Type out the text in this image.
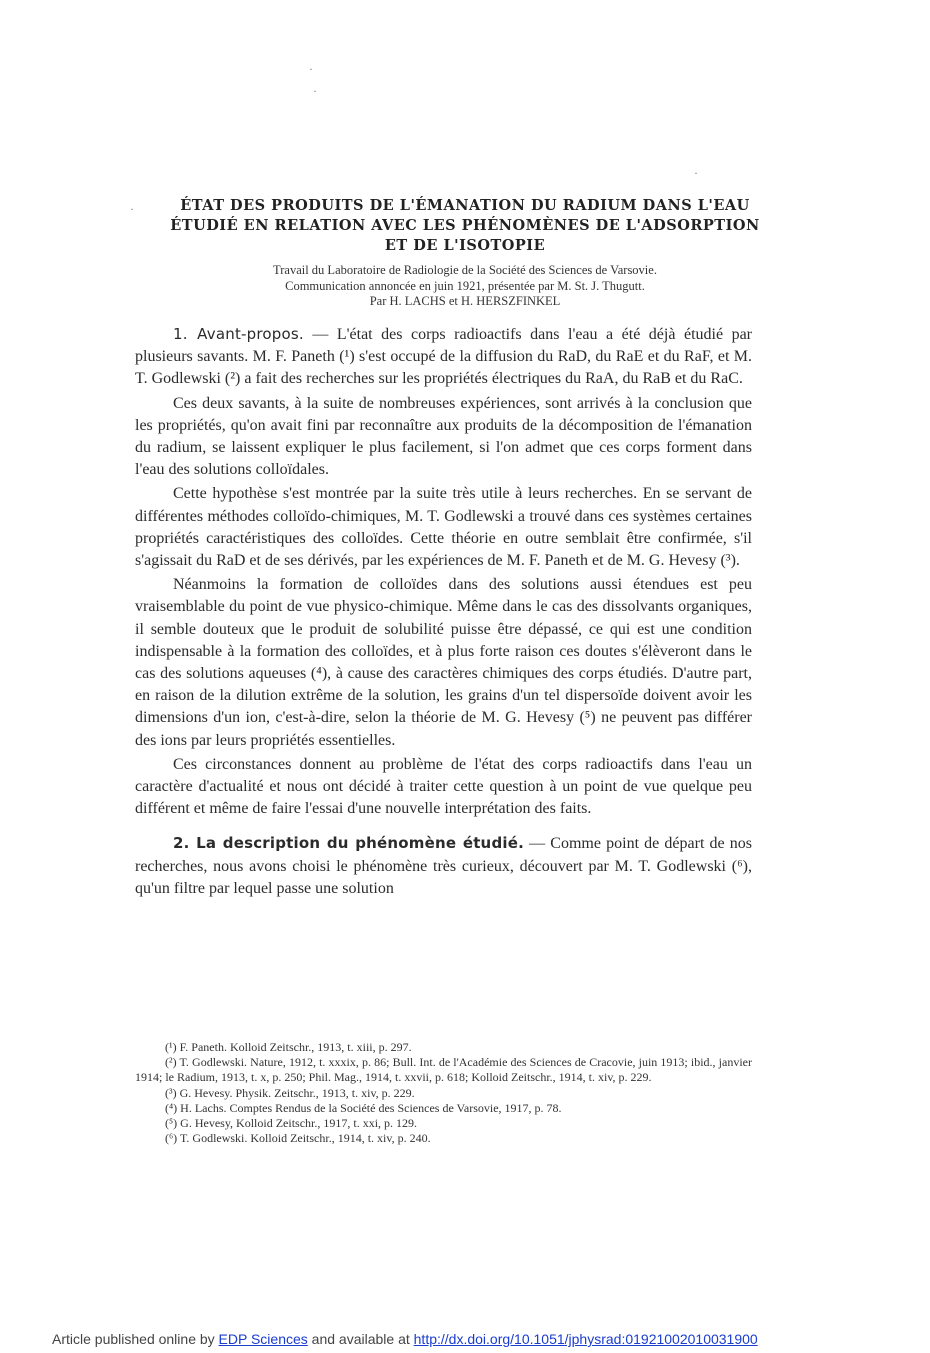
·
·
·
·	ÉTAT DES PRODUITS DE L'ÉMANATION DU RADIUM DANS L'EAU
ÉTUDIÉ EN RELATION AVEC LES PHÉNOMÈNES DE L'ADSORPTION
ET DE L'ISOTOPIE
Travail du Laboratoire de Radiologie de la Société des Sciences de Varsovie.
Communication annoncée en juin 1921, présentée par M. St. J. Thugutt.
Par H. LACHS et H. HERSZFINKEL

1. Avant-propos. — L'état des corps radioactifs dans l'eau a été déjà étudié par plusieurs savants. M. F. Paneth (¹) s'est occupé de la diffusion du RaD, du RaE et du RaF, et M. T. Godlewski (²) a fait des recherches sur les propriétés électriques du RaA, du RaB et du RaC.

Ces deux savants, à la suite de nombreuses expériences, sont arrivés à la conclusion que les propriétés, qu'on avait fini par reconnaître aux produits de la décomposition de l'émanation du radium, se laissent expliquer le plus facilement, si l'on admet que ces corps forment dans l'eau des solutions colloïdales.

Cette hypothèse s'est montrée par la suite très utile à leurs recherches. En se servant de différentes méthodes colloïdo-chimiques, M. T. Godlewski a trouvé dans ces systèmes certaines propriétés caractéristiques des colloïdes. Cette théorie en outre semblait être confirmée, s'il s'agissait du RaD et de ses dérivés, par les expériences de M. F. Paneth et de M. G. Hevesy (³).

Néanmoins la formation de colloïdes dans des solutions aussi étendues est peu vraisemblable du point de vue physico-chimique. Même dans le cas des dissolvants organiques, il semble douteux que le produit de solubilité puisse être dépassé, ce qui est une condition indispensable à la formation des colloïdes, et à plus forte raison ces doutes s'élèveront dans le cas des solutions aqueuses (⁴), à cause des caractères chimiques des corps étudiés. D'autre part, en raison de la dilution extrême de la solution, les grains d'un tel dispersoïde doivent avoir les dimensions d'un ion, c'est-à-dire, selon la théorie de M. G. Hevesy (⁵) ne peuvent pas différer des ions par leurs propriétés essentielles.

Ces circonstances donnent au problème de l'état des corps radioactifs dans l'eau un caractère d'actualité et nous ont décidé à traiter cette question à un point de vue quelque peu différent et même de faire l'essai d'une nouvelle interprétation des faits.

2. La description du phénomène étudié. — Comme point de départ de nos recherches, nous avons choisi le phénomène très curieux, découvert par M. T. Godlewski (⁶), qu'un filtre par lequel passe une solution

(¹) F. Paneth. Kolloid Zeitschr., 1913, t. xiii, p. 297.
(²) T. Godlewski. Nature, 1912, t. xxxix, p. 86; Bull. Int. de l'Académie des Sciences de Cracovie, juin 1913; ibid., janvier 1914; le Radium, 1913, t. x, p. 250; Phil. Mag., 1914, t. xxvii, p. 618; Kolloid Zeitschr., 1914, t. xiv, p. 229.
(³) G. Hevesy. Physik. Zeitschr., 1913, t. xiv, p. 229.
(⁴) H. Lachs. Comptes Rendus de la Société des Sciences de Varsovie, 1917, p. 78.
(⁵) G. Hevesy, Kolloid Zeitschr., 1917, t. xxi, p. 129.
(⁶) T. Godlewski. Kolloid Zeitschr., 1914, t. xiv, p. 240.
Article published online by EDP Sciences and available at http://dx.doi.org/10.1051/jphysrad:01921002010031900
